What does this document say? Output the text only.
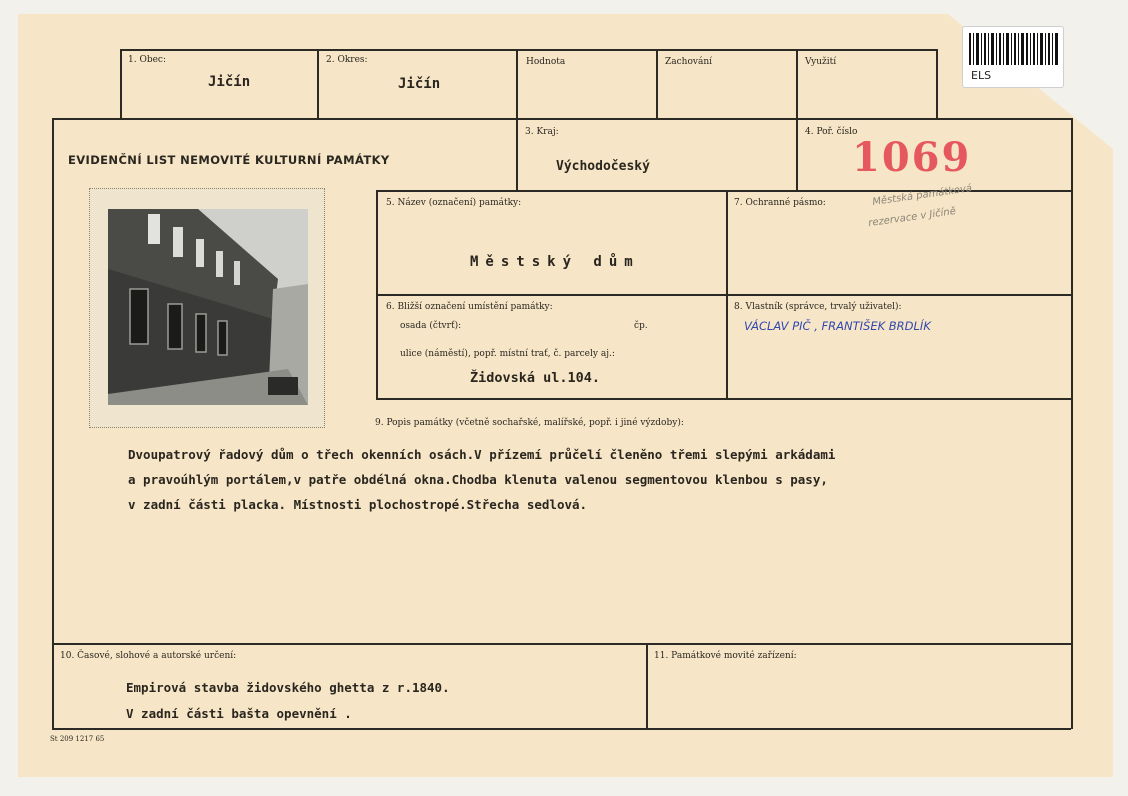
1. Obec:
Jičín
2. Okres:
Jičín
Hodnota	Zachování	Využití
EVIDENČNÍ LIST NEMOVITÉ KULTURNÍ PAMÁTKY
3. Kraj:
Východočeský
4. Poř. číslo
1069
5. Název (označení) památky:
Městský dům
7. Ochranné pásmo:	Městská památková
rezervace v Jičíně
6. Bližší označení umístění památky:
osada (čtvrť):	čp.
ulice (náměstí), popř. místní trať, č. parcely aj.:
Židovská ul.104.
8. Vlastník (správce, trvalý uživatel):
VÁCLAV PIČ , FRANTIŠEK BRDLÍK
9. Popis památky (včetně sochařské, malířské, popř. i jiné výzdoby):
Dvoupatrový řadový dům o třech okenních osách.V přízemí průčelí členěno třemi slepými arkádami
a pravoúhlým portálem,v patře obdélná okna.Chodba klenuta valenou segmentovou klenbou s pasy,
v zadní části placka. Místnosti plochostropé.Střecha sedlová.
10. Časové, slohové a autorské určení:
Empirová stavba židovského ghetta z r.1840.
V zadní části bašta opevnění .
11. Památkové movité zařízení:
St 209 1217 65
ELS
